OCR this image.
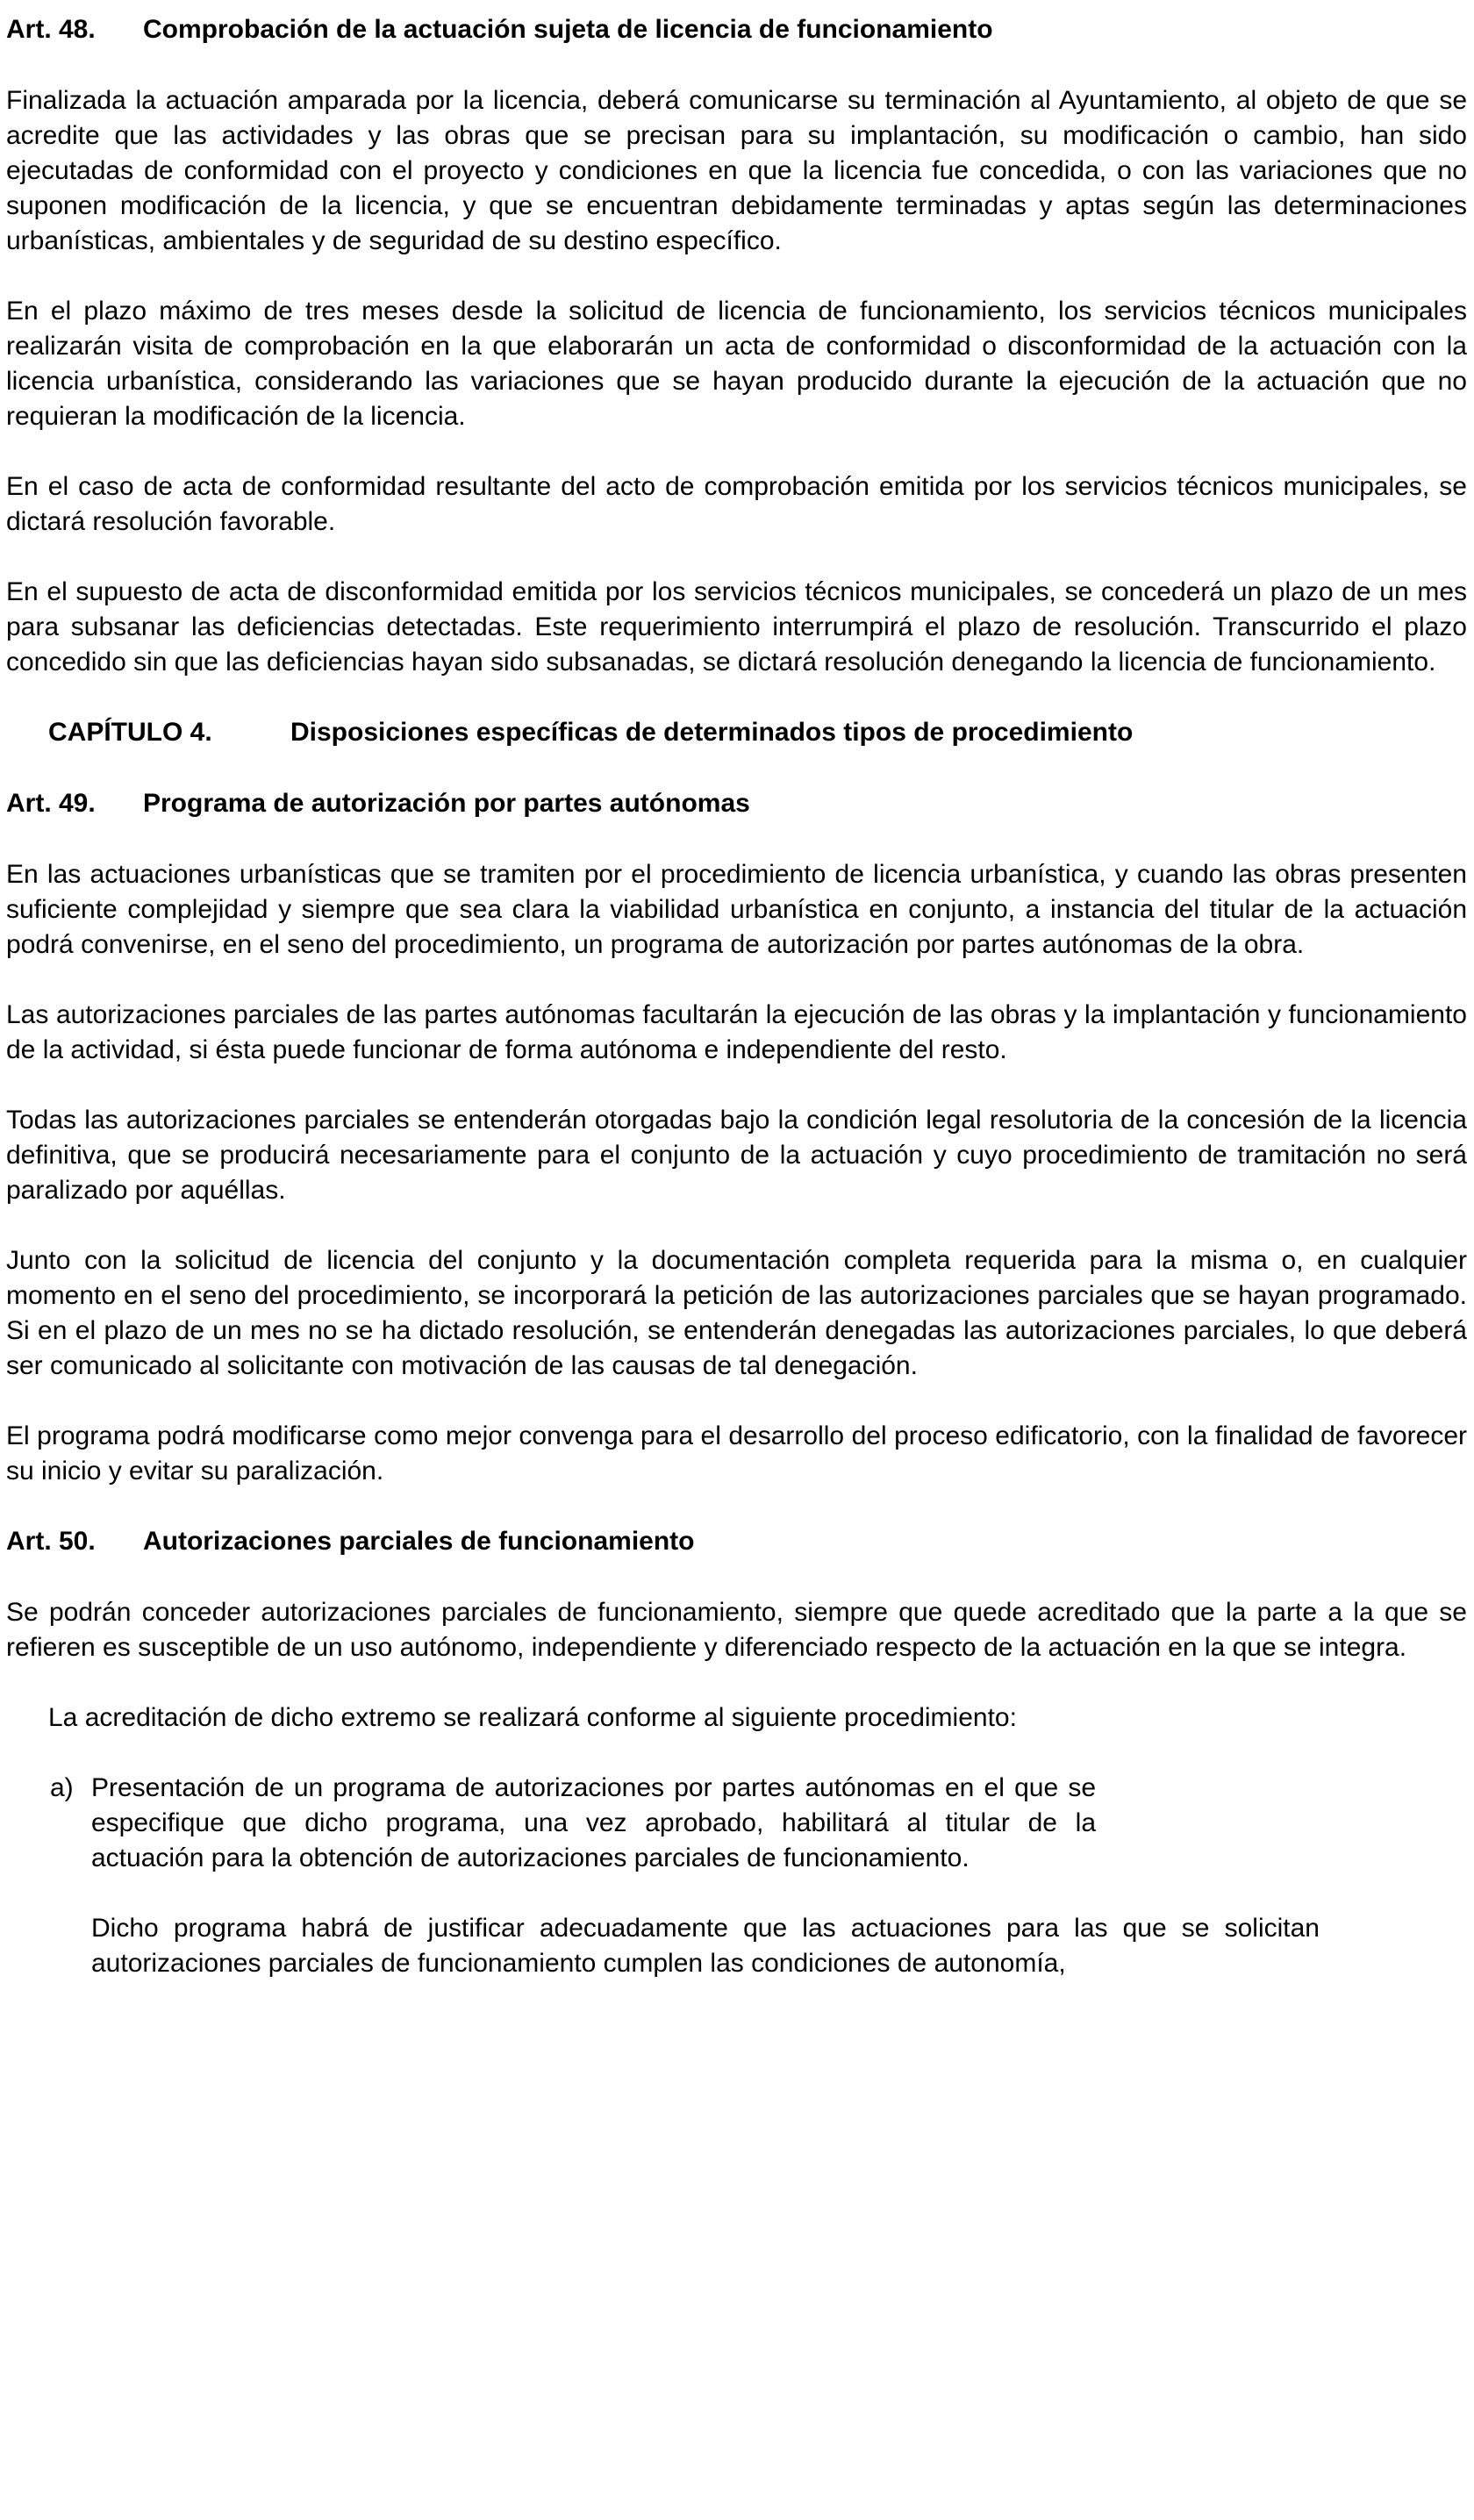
Art. 48.	Comprobación de la actuación sujeta de licencia de funcionamiento

Finalizada la actuación amparada por la licencia, deberá comunicarse su terminación al Ayuntamiento, al objeto de que se acredite que las actividades y las obras que se precisan para su implantación, su modificación o cambio, han sido ejecutadas de conformidad con el proyecto y condiciones en que la licencia fue concedida, o con las variaciones que no suponen modificación de la licencia, y que se encuentran debidamente terminadas y aptas según las determinaciones urbanísticas, ambientales y de seguridad de su destino específico.

En el plazo máximo de tres meses desde la solicitud de licencia de funcionamiento, los servicios técnicos municipales realizarán visita de comprobación en la que elaborarán un acta de conformidad o disconformidad de la actuación con la licencia urbanística, considerando las variaciones que se hayan producido durante la ejecución de la actuación que no requieran la modificación de la licencia.

En el caso de acta de conformidad resultante del acto de comprobación emitida por los servicios técnicos municipales, se dictará resolución favorable.

En el supuesto de acta de disconformidad emitida por los servicios técnicos municipales, se concederá un plazo de un mes para subsanar las deficiencias detectadas. Este requerimiento interrumpirá el plazo de resolución. Transcurrido el plazo concedido sin que las deficiencias hayan sido subsanadas, se dictará resolución denegando la licencia de funcionamiento.

CAPÍTULO 4.	Disposiciones específicas de determinados tipos de procedimiento
Art. 49.	Programa de autorización por partes autónomas

En las actuaciones urbanísticas que se tramiten por el procedimiento de licencia urbanística, y cuando las obras presenten suficiente complejidad y siempre que sea clara la viabilidad urbanística en conjunto, a instancia del titular de la actuación podrá convenirse, en el seno del procedimiento, un programa de autorización por partes autónomas de la obra.

Las autorizaciones parciales de las partes autónomas facultarán la ejecución de las obras y la implantación y funcionamiento de la actividad, si ésta puede funcionar de forma autónoma e independiente del resto.

Todas las autorizaciones parciales se entenderán otorgadas bajo la condición legal resolutoria de la concesión de la licencia definitiva, que se producirá necesariamente para el conjunto de la actuación y cuyo procedimiento de tramitación no será paralizado por aquéllas.

Junto con la solicitud de licencia del conjunto y la documentación completa requerida para la misma o, en cualquier momento en el seno del procedimiento, se incorporará la petición de las autorizaciones parciales que se hayan programado. Si en el plazo de un mes no se ha dictado resolución, se entenderán denegadas las autorizaciones parciales, lo que deberá ser comunicado al solicitante con motivación de las causas de tal denegación.

El programa podrá modificarse como mejor convenga para el desarrollo del proceso edificatorio, con la finalidad de favorecer su inicio y evitar su paralización.

Art. 50.	Autorizaciones parciales de funcionamiento

Se podrán conceder autorizaciones parciales de funcionamiento, siempre que quede acreditado que la parte a la que se refieren es susceptible de un uso autónomo, independiente y diferenciado respecto de la actuación en la que se integra.

La acreditación de dicho extremo se realizará conforme al siguiente procedimiento:

a) Presentación de un programa de autorizaciones por partes autónomas en el que se especifique que dicho programa, una vez aprobado, habilitará al titular de la actuación para la obtención de autorizaciones parciales de funcionamiento.

Dicho programa habrá de justificar adecuadamente que las actuaciones para las que se solicitan autorizaciones parciales de funcionamiento cumplen las condiciones de autonomía,
